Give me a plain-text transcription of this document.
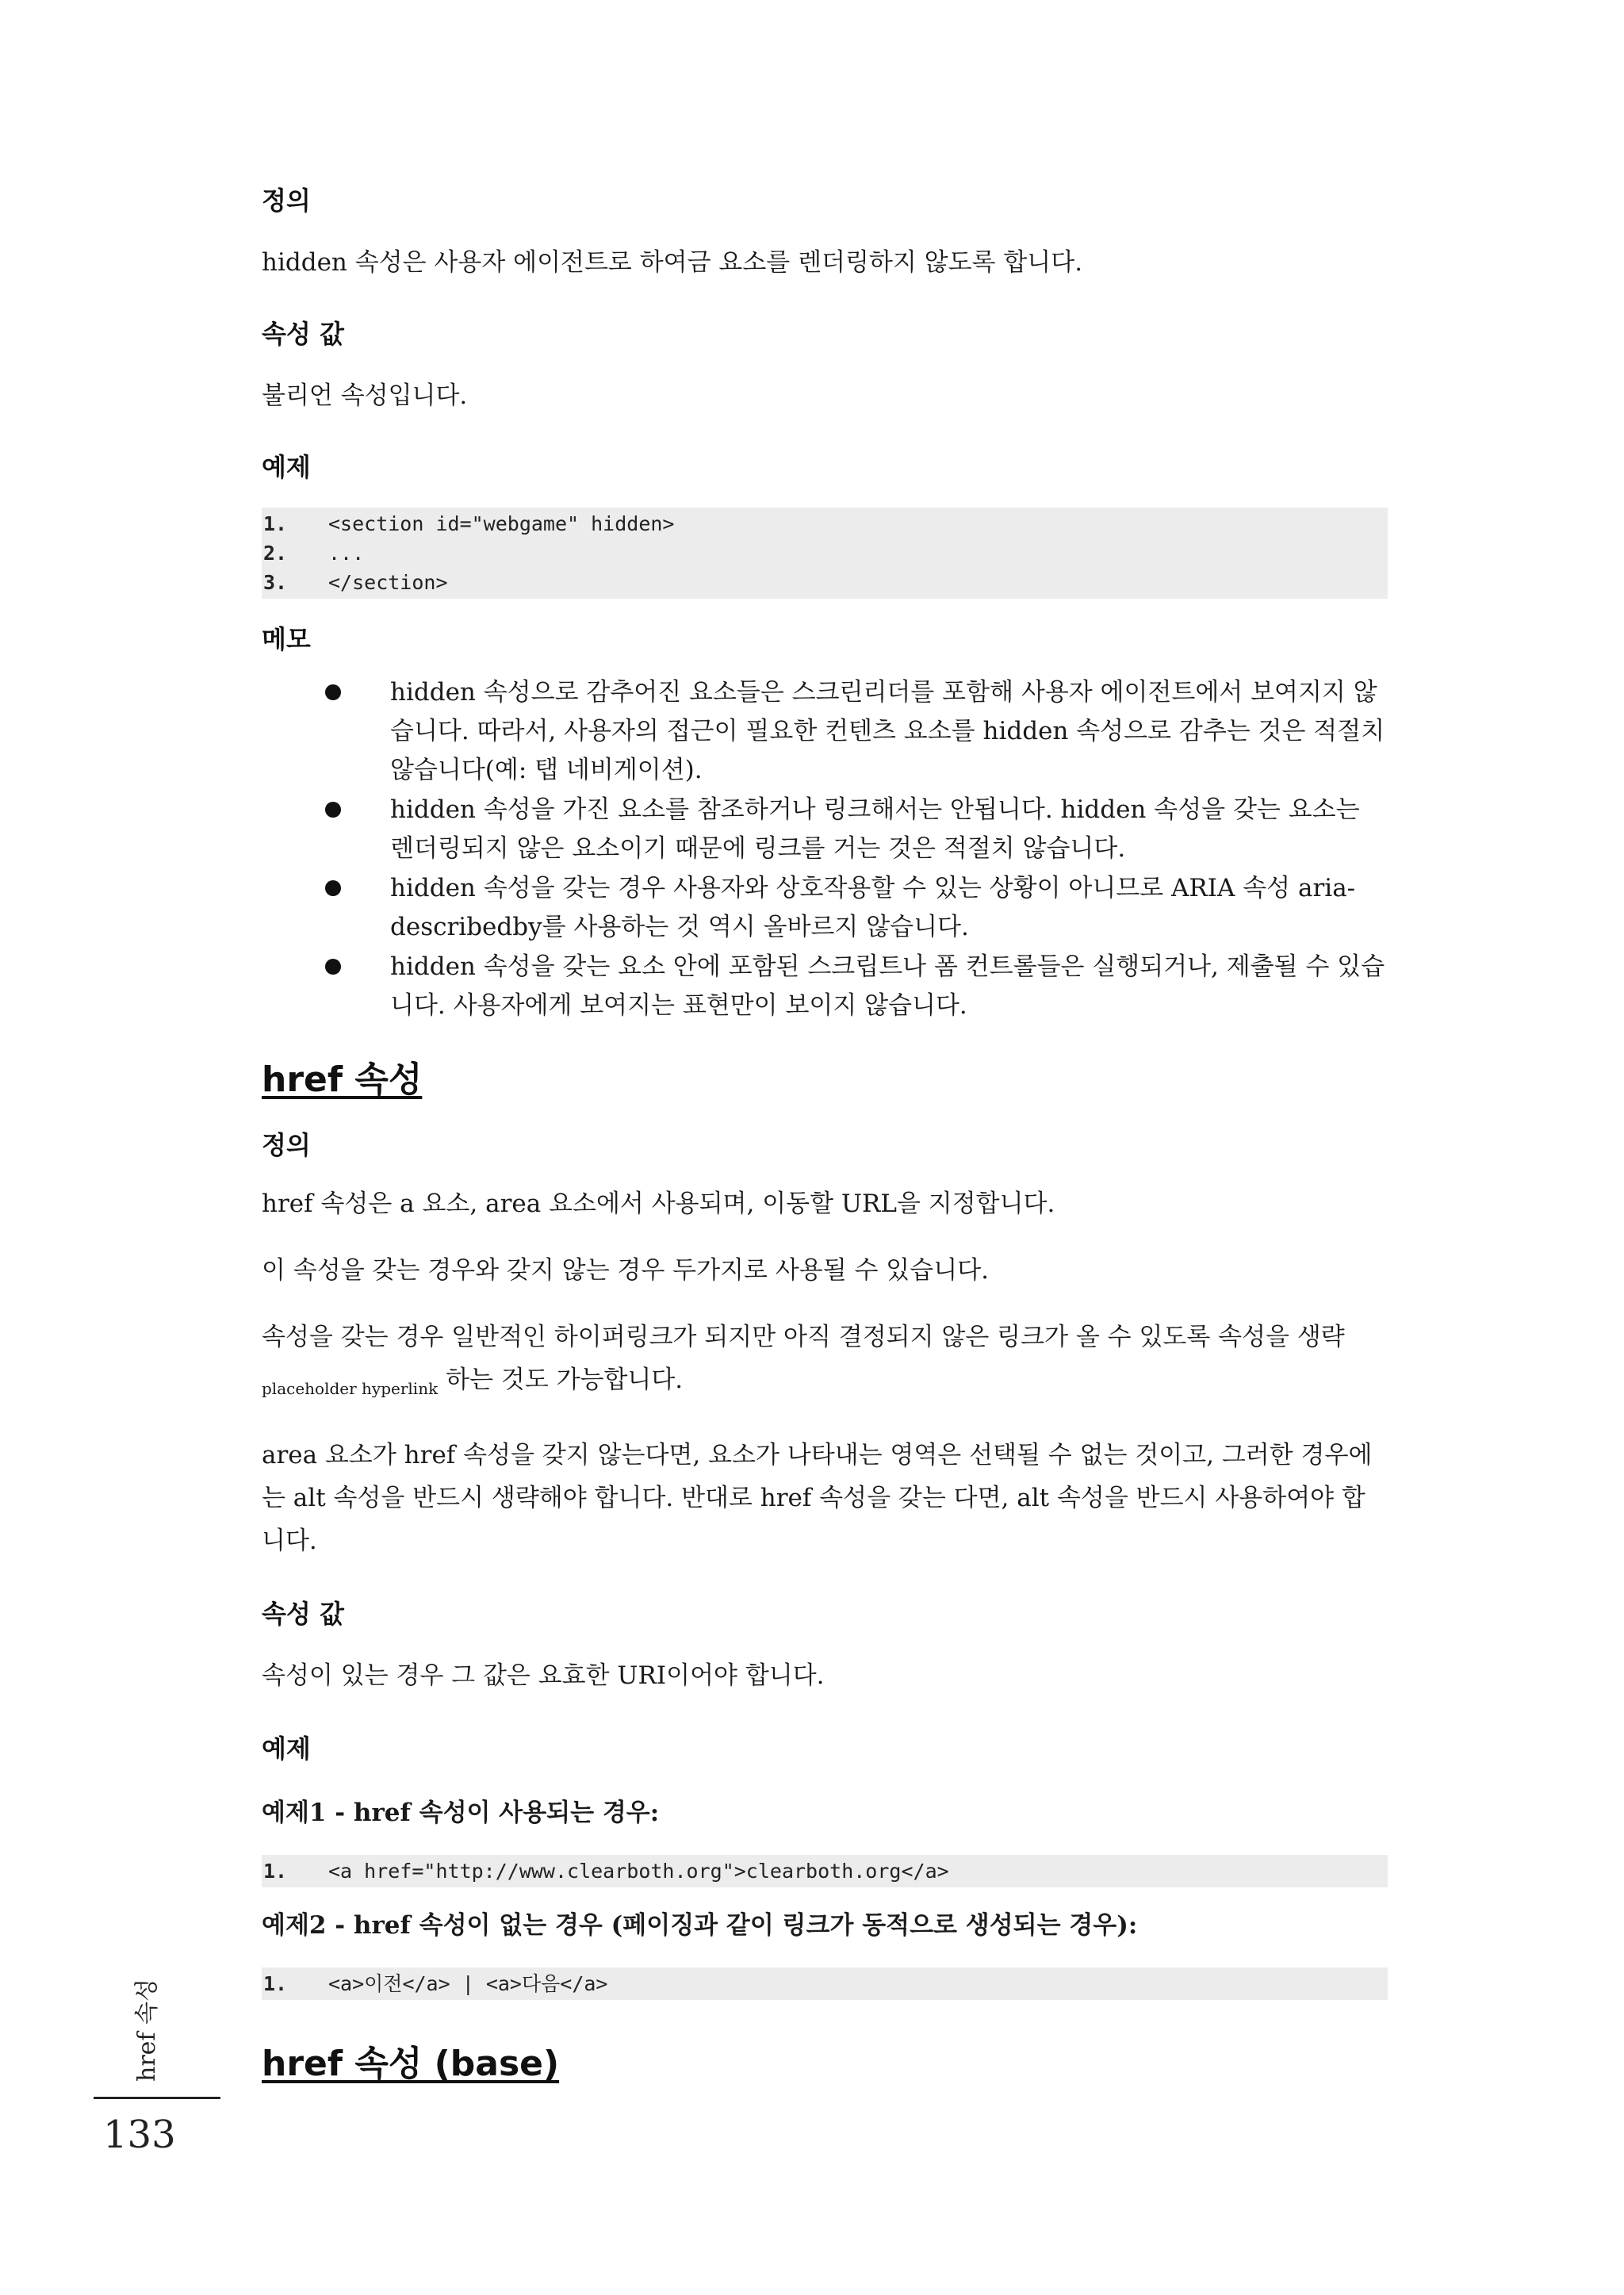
정의

hidden 속성은 사용자 에이전트로 하여금 요소를 렌더링하지 않도록 합니다.

속성 값

불리언 속성입니다.

예제
1.	<section id="webgame" hidden>
2.	...
3.	</section>
메모
hidden 속성으로 감추어진 요소들은 스크린리더를 포함해 사용자 에이전트에서 보여지지 않습니다. 따라서, 사용자의 접근이 필요한 컨텐츠 요소를 hidden 속성으로 감추는 것은 적절치 않습니다(예: 탭 네비게이션).
hidden 속성을 가진 요소를 참조하거나 링크해서는 안됩니다. hidden 속성을 갖는 요소는 렌더링되지 않은 요소이기 때문에 링크를 거는 것은 적절치 않습니다.
hidden 속성을 갖는 경우 사용자와 상호작용할 수 있는 상황이 아니므로 ARIA 속성 aria-describedby를 사용하는 것 역시 올바르지 않습니다.
hidden 속성을 갖는 요소 안에 포함된 스크립트나 폼 컨트롤들은 실행되거나, 제출될 수 있습니다. 사용자에게 보여지는 표현만이 보이지 않습니다.
href 속성
정의

href 속성은 a 요소, area 요소에서 사용되며, 이동할 URL을 지정합니다.

이 속성을 갖는 경우와 갖지 않는 경우 두가지로 사용될 수 있습니다.

속성을 갖는 경우 일반적인 하이퍼링크가 되지만 아직 결정되지 않은 링크가 올 수 있도록 속성을 생략$_{placeholder hyperlink}$ 하는 것도 가능합니다.

area 요소가 href 속성을 갖지 않는다면, 요소가 나타내는 영역은 선택될 수 없는 것이고, 그러한 경우에는 alt 속성을 반드시 생략해야 합니다. 반대로 href 속성을 갖는 다면, alt 속성을 반드시 사용하여야 합니다.

속성 값

속성이 있는 경우 그 값은 요효한 URI이어야 합니다.

예제

예제1 - href 속성이 사용되는 경우:

1.	<a href="http://www.clearboth.org">clearboth.org</a>

예제2 - href 속성이 없는 경우 (페이징과 같이 링크가 동적으로 생성되는 경우):

1.	<a>이전</a> | <a>다음</a>
href 속성 (base)
href 속성
133
